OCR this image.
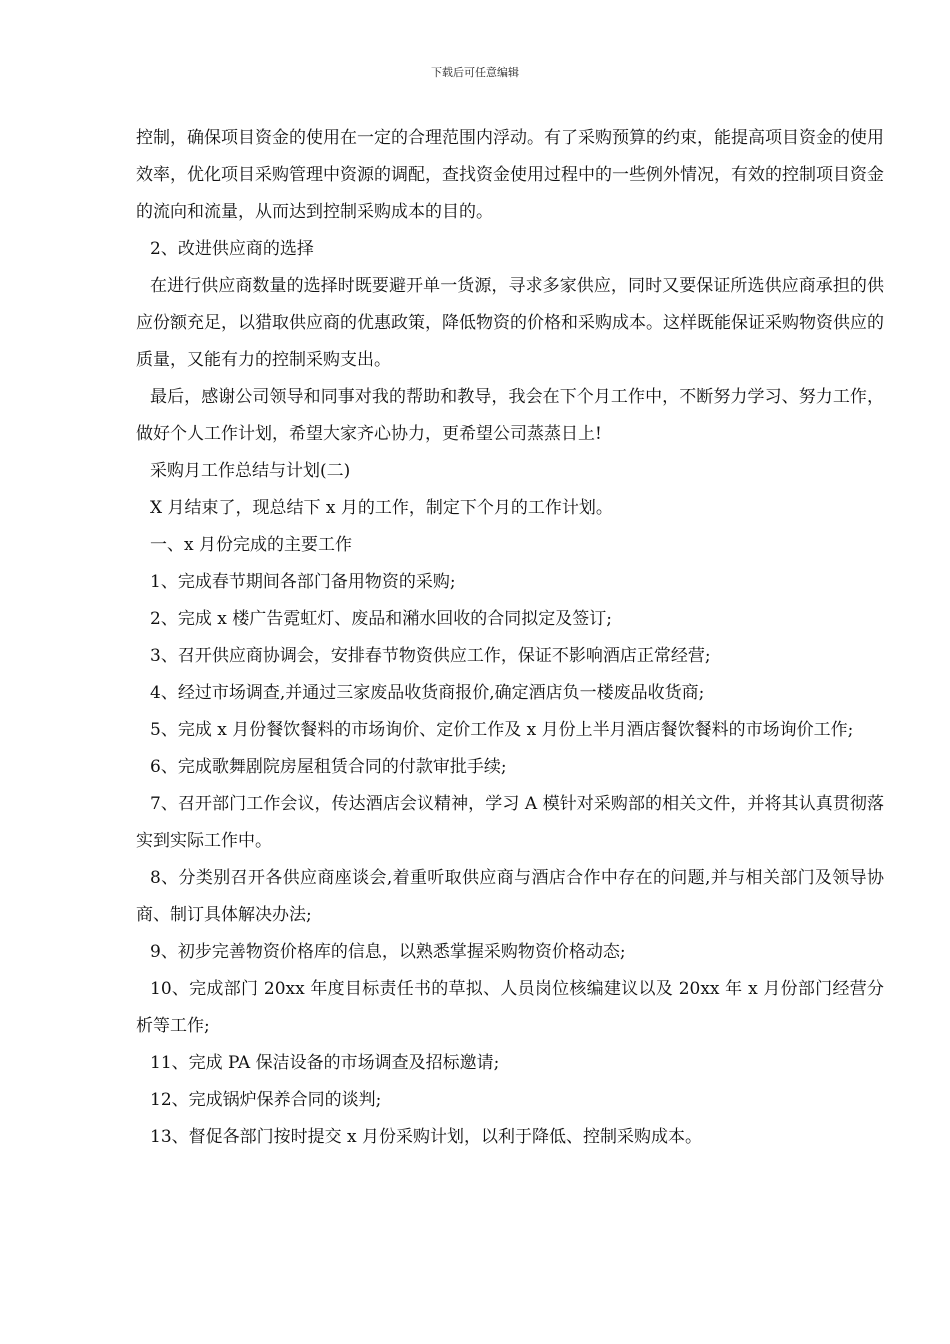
下载后可任意编辑

控制，确保项目资金的使用在一定的合理范围内浮动。有了采购预算的约束，能提高项目资金的使用效率，优化项目采购管理中资源的调配，查找资金使用过程中的一些例外情况，有效的控制项目资金的流向和流量，从而达到控制采购成本的目的。

2、改进供应商的选择

在进行供应商数量的选择时既要避开单一货源，寻求多家供应，同时又要保证所选供应商承担的供应份额充足，以猎取供应商的优惠政策，降低物资的价格和采购成本。这样既能保证采购物资供应的质量，又能有力的控制采购支出。

最后，感谢公司领导和同事对我的帮助和教导，我会在下个月工作中，不断努力学习、努力工作，做好个人工作计划，希望大家齐心协力，更希望公司蒸蒸日上!

采购月工作总结与计划(二)

X 月结束了，现总结下 x 月的工作，制定下个月的工作计划。

一、x 月份完成的主要工作

1、完成春节期间各部门备用物资的采购;

2、完成 x 楼广告霓虹灯、废品和潲水回收的合同拟定及签订;

3、召开供应商协调会，安排春节物资供应工作，保证不影响酒店正常经营;

4、经过市场调查,并通过三家废品收货商报价,确定酒店负一楼废品收货商;

5、完成 x 月份餐饮餐料的市场询价、定价工作及 x 月份上半月酒店餐饮餐料的市场询价工作;

6、完成歌舞剧院房屋租赁合同的付款审批手续;

7、召开部门工作会议，传达酒店会议精神，学习 A 模针对采购部的相关文件，并将其认真贯彻落实到实际工作中。

8、分类别召开各供应商座谈会,着重听取供应商与酒店合作中存在的问题,并与相关部门及领导协商、制订具体解决办法;

9、初步完善物资价格库的信息，以熟悉掌握采购物资价格动态;

10、完成部门 20xx 年度目标责任书的草拟、人员岗位核编建议以及 20xx 年 x 月份部门经营分析等工作;

11、完成 PA 保洁设备的市场调查及招标邀请;

12、完成锅炉保养合同的谈判;

13、督促各部门按时提交 x 月份采购计划，以利于降低、控制采购成本。
